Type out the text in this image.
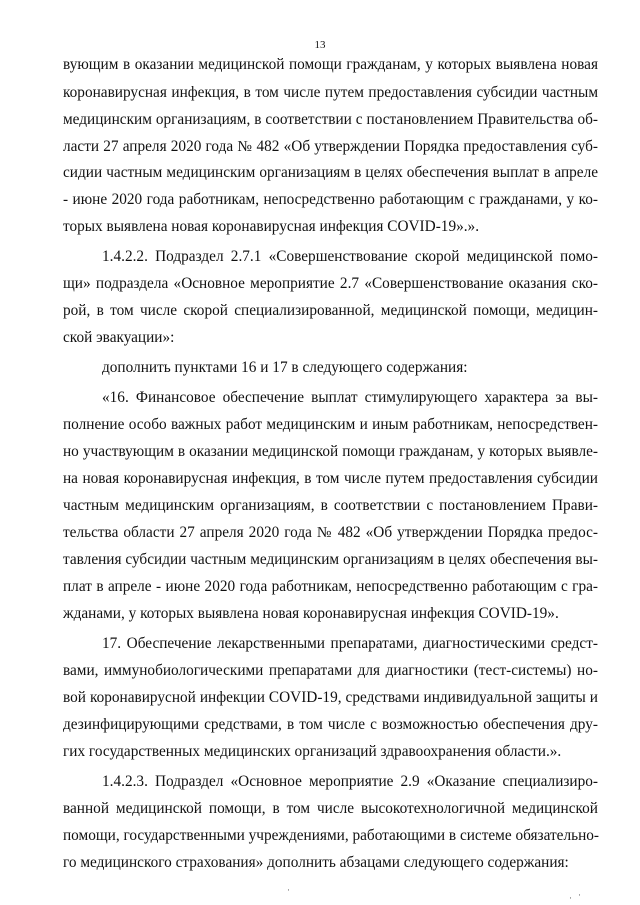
13
вующим в оказании медицинской помощи гражданам, у которых выявлена новая
коронавирусная инфекция, в том числе путем предоставления субсидии частным
медицинским организациям, в соответствии с постановлением Правительства об-
ласти 27 апреля 2020 года № 482 «Об утверждении Порядка предоставления суб-
сидии частным медицинским организациям в целях обеспечения выплат в апреле
- июне 2020 года работникам, непосредственно работающим с гражданами, у ко-
торых выявлена новая коронавирусная инфекция COVID-19».».
1.4.2.2. Подраздел 2.7.1 «Совершенствование скорой медицинской помо-
щи» подраздела «Основное мероприятие 2.7 «Совершенствование оказания ско-
рой, в том числе скорой специализированной, медицинской помощи, медицин-
ской эвакуации»:
дополнить пунктами 16 и 17 в следующего содержания:
«16. Финансовое обеспечение выплат стимулирующего характера за вы-
полнение особо важных работ медицинским и иным работникам, непосредствен-
но участвующим в оказании медицинской помощи гражданам, у которых выявле-
на новая коронавирусная инфекция, в том числе путем предоставления субсидии
частным медицинским организациям, в соответствии с постановлением Прави-
тельства области 27 апреля 2020 года № 482 «Об утверждении Порядка предос-
тавления субсидии частным медицинским организациям в целях обеспечения вы-
плат в апреле - июне 2020 года работникам, непосредственно работающим с гра-
жданами, у которых выявлена новая коронавирусная инфекция COVID-19».
17. Обеспечение лекарственными препаратами, диагностическими средст-
вами, иммунобиологическими препаратами для диагностики (тест-системы) но-
вой коронавирусной инфекции COVID-19, средствами индивидуальной защиты и
дезинфицирующими средствами, в том числе с возможностью обеспечения дру-
гих государственных медицинских организаций здравоохранения области.».
1.4.2.3. Подраздел «Основное мероприятие 2.9 «Оказание специализиро-
ванной медицинской помощи, в том числе высокотехнологичной медицинской
помощи, государственными учреждениями, работающими в системе обязательно-
го медицинского страхования» дополнить абзацами следующего содержания:
·
· ·
